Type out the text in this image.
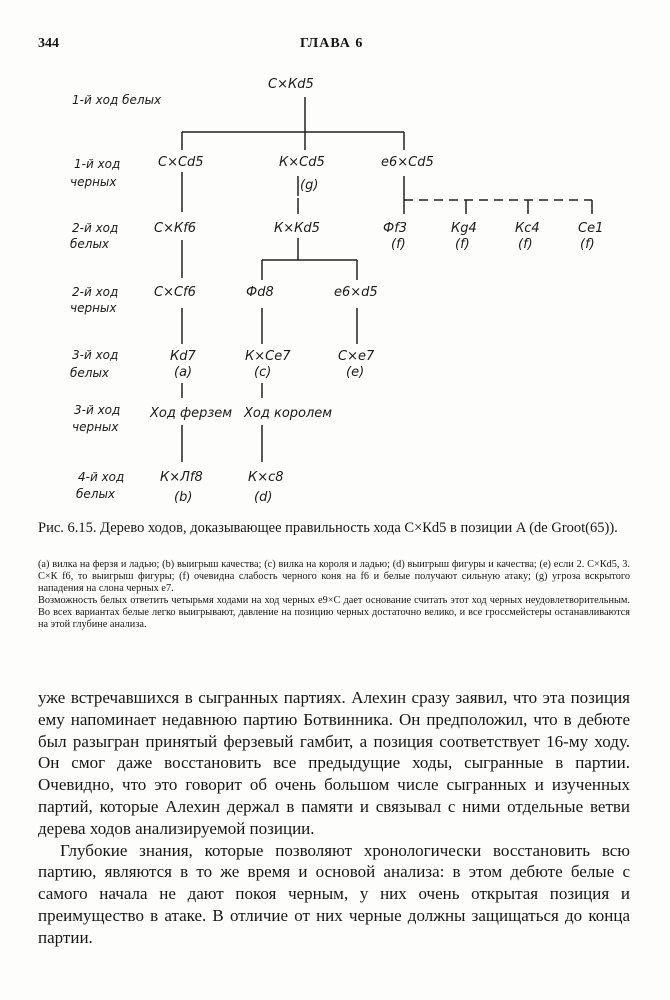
344	ГЛАВА 6
1-й ход белых
1-й ход
черных
2-й ход
белых
2-й ход
черных
3-й ход
белых
3-й ход
черных
4-й ход
белых
С×Кd5
С×Сd5	К×Сd5	e6×Сd5
(g)
С×Кf6
С×Сf6
Кd7
(a)
Ход ферзем
К×Лf8
(b)
К×Кd5
Фd8
К×Се7
(c)
Ход королем
К×с8
(d)
e6×d5
С×е7
(e)
Фf3
(f)
Кg4
(f)
Кс4
(f)
Се1
(f)
Рис. 6.15. Дерево ходов, доказывающее правильность хода С×Кd5 в позиции A (de Groot(65)).

(a) вилка на ферзя и ладью; (b) выигрыш качества; (c) вилка на короля и ладью; (d) выигрыш фигуры и качества; (e) если 2. С×Кd5, 3. С×К f6, то выигрыш фигуры; (f) очевидна слабость черного коня на f6 и белые получают сильную атаку; (g) угроза вскрытого нападения на слона черных e7.

Возможность белых ответить четырьмя ходами на ход черных e9×С дает основание считать этот ход черных неудовлетворительным. Во всех вариантах белые легко выигрывают, давление на позицию черных достаточно велико, и все гроссмейстеры останавливаются на этой глубине анализа.

уже встречавшихся в сыгранных партиях. Алехин сразу заявил, что эта позиция ему напоминает недавнюю партию Ботвинника. Он предположил, что в дебюте был разыгран принятый ферзевый гамбит, а позиция соответствует 16-му ходу. Он смог даже восстановить все предыдущие ходы, сыгранные в партии. Очевидно, что это говорит об очень большом числе сыгранных и изученных партий, которые Алехин держал в памяти и связывал с ними отдельные ветви дерева ходов анализируемой позиции.

Глубокие знания, которые позволяют хронологически восстановить всю партию, являются в то же время и основой анализа: в этом дебюте белые с самого начала не дают покоя черным, у них очень открытая позиция и преимущество в атаке. В отличие от них черные должны защищаться до конца партии.
